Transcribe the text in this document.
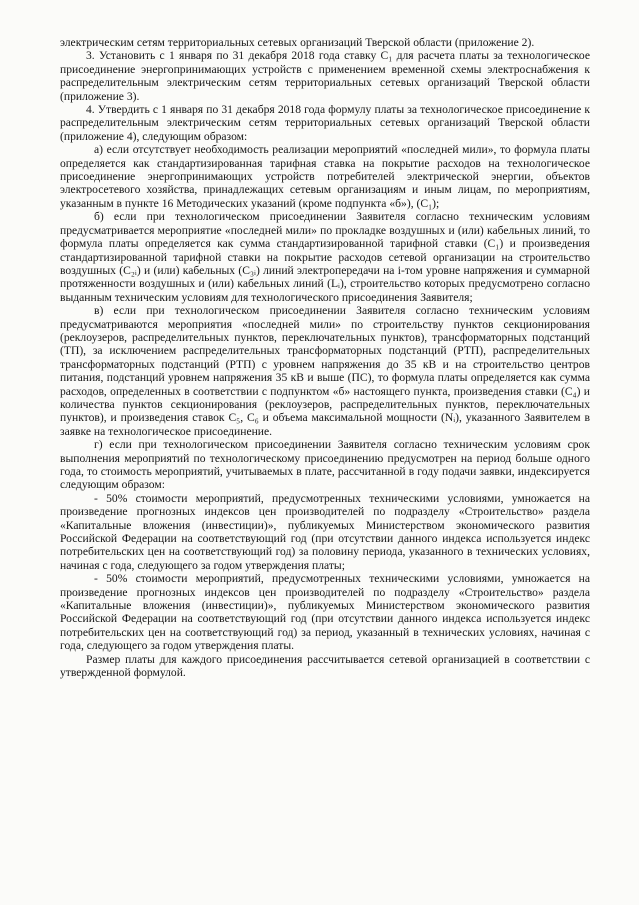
электрическим сетям территориальных сетевых организаций Тверской области (приложение 2).

3. Установить с 1 января по 31 декабря 2018 года ставку C₁ для расчета платы за технологическое присоединение энергопринимающих устройств с применением временной схемы электроснабжения к распределительным электрическим сетям территориальных сетевых организаций Тверской области (приложение 3).

4. Утвердить с 1 января по 31 декабря 2018 года формулу платы за технологическое присоединение к распределительным электрическим сетям территориальных сетевых организаций Тверской области (приложение 4), следующим образом:

а) если отсутствует необходимость реализации мероприятий «последней мили», то формула платы определяется как стандартизированная тарифная ставка на покрытие расходов на технологическое присоединение энергопринимающих устройств потребителей электрической энергии, объектов электросетевого хозяйства, принадлежащих сетевым организациям и иным лицам, по мероприятиям, указанным в пункте 16 Методических указаний (кроме подпункта «б»), (C₁);

б) если при технологическом присоединении Заявителя согласно техническим условиям предусматривается мероприятие «последней мили» по прокладке воздушных и (или) кабельных линий, то формула платы определяется как сумма стандартизированной тарифной ставки (C₁) и произведения стандартизированной тарифной ставки на покрытие расходов сетевой организации на строительство воздушных (C₂ᵢ) и (или) кабельных (C₃ᵢ) линий электропередачи на i-том уровне напряжения и суммарной протяженности воздушных и (или) кабельных линий (Lᵢ), строительство которых предусмотрено согласно выданным техническим условиям для технологического присоединения Заявителя;

в) если при технологическом присоединении Заявителя согласно техническим условиям предусматриваются мероприятия «последней мили» по строительству пунктов секционирования (реклоузеров, распределительных пунктов, переключательных пунктов), трансформаторных подстанций (ТП), за исключением распределительных трансформаторных подстанций (РТП), распределительных трансформаторных подстанций (РТП) с уровнем напряжения до 35 кВ и на строительство центров питания, подстанций уровнем напряжения 35 кВ и выше (ПС), то формула платы определяется как сумма расходов, определенных в соответствии с подпунктом «б» настоящего пункта, произведения ставки (C₄) и количества пунктов секционирования (реклоузеров, распределительных пунктов, переключательных пунктов), и произведения ставок C₅, C₆ и объема максимальной мощности (Nᵢ), указанного Заявителем в заявке на технологическое присоединение.

г) если при технологическом присоединении Заявителя согласно техническим условиям срок выполнения мероприятий по технологическому присоединению предусмотрен на период больше одного года, то стоимость мероприятий, учитываемых в плате, рассчитанной в году подачи заявки, индексируется следующим образом:

- 50% стоимости мероприятий, предусмотренных техническими условиями, умножается на произведение прогнозных индексов цен производителей по подразделу «Строительство» раздела «Капитальные вложения (инвестиции)», публикуемых Министерством экономического развития Российской Федерации на соответствующий год (при отсутствии данного индекса используется индекс потребительских цен на соответствующий год) за половину периода, указанного в технических условиях, начиная с года, следующего за годом утверждения платы;

- 50% стоимости мероприятий, предусмотренных техническими условиями, умножается на произведение прогнозных индексов цен производителей по подразделу «Строительство» раздела «Капитальные вложения (инвестиции)», публикуемых Министерством экономического развития Российской Федерации на соответствующий год (при отсутствии данного индекса используется индекс потребительских цен на соответствующий год) за период, указанный в технических условиях, начиная с года, следующего за годом утверждения платы.

Размер платы для каждого присоединения рассчитывается сетевой организацией в соответствии с утвержденной формулой.
